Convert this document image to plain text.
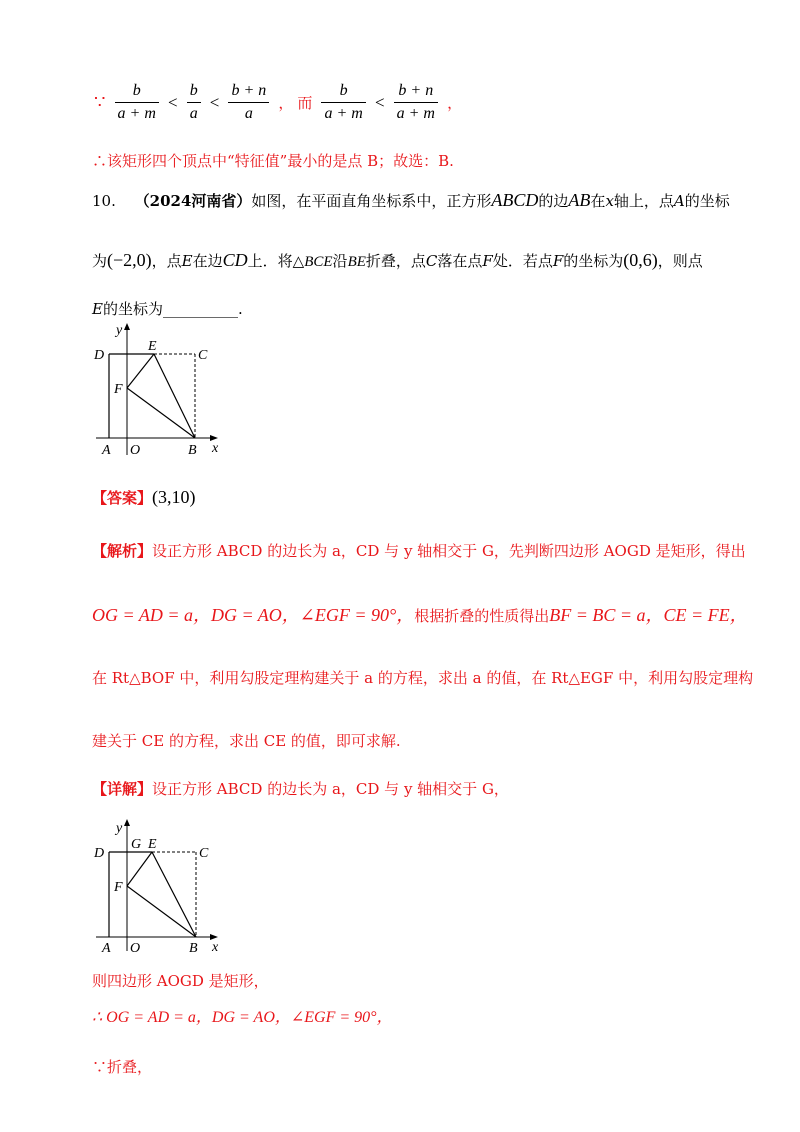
∵ $\frac{b}{a + m} < \frac{b}{a} < \frac{b + n}{a}$ ， 而 $\frac{b}{a + m} < \frac{b + n}{a + m}$ ，
∴该矩形四个顶点中“特征值”最小的是点 B；故选：B.
10. （2024河南省）如图，在平面直角坐标系中，正方形ABCD的边AB在x轴上，点A的坐标
为(−2,0)，点E在边CD上．将△BCE沿BE折叠，点C落在点F处．若点F的坐标为(0,6)，则点
E的坐标为__________.
y
D
E
C
F
A O	B x
【答案】(3,10)
【解析】设正方形 ABCD 的边长为 a，CD 与 y 轴相交于 G，先判断四边形 AOGD 是矩形，得出
OG = AD = a，DG = AO，∠EGF = 90°，根据折叠的性质得出BF = BC = a，CE = FE，
在 Rt△BOF 中，利用勾股定理构建关于 a 的方程，求出 a 的值，在 Rt△EGF 中，利用勾股定理构
建关于 CE 的方程，求出 CE 的值，即可求解.
【详解】设正方形 ABCD 的边长为 a，CD 与 y 轴相交于 G，
y
D
G E
C
F
A O	B x
则四边形 AOGD 是矩形，
∴ OG = AD = a，DG = AO，∠EGF = 90°，
∵折叠，
